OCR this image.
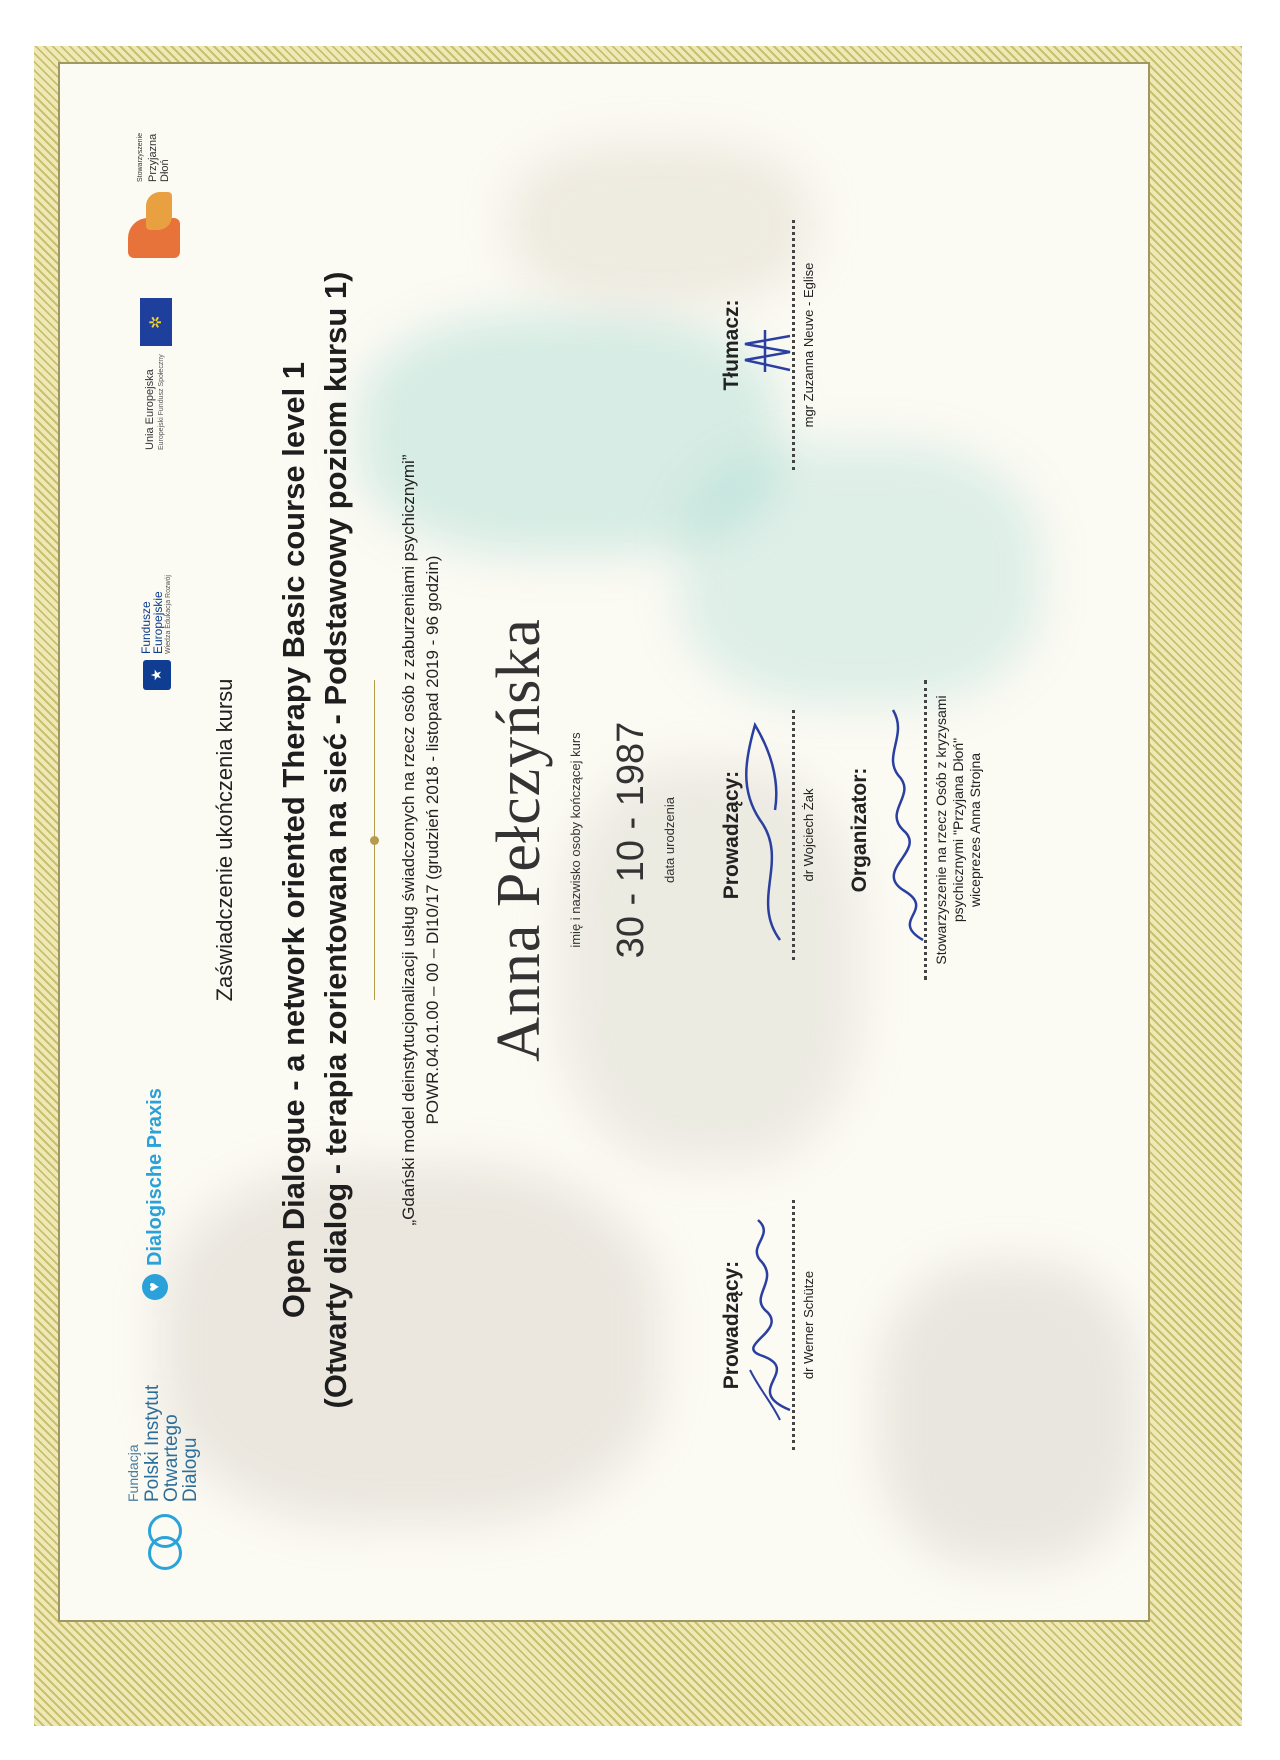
Fundacja Polski Instytut
Otwartego
Dialogu
♥
Dialogische Praxis
★
Fundusze
Europejskie Wiedza Edukacja Rozwój
Unia Europejska Europejski Fundusz Społeczny
✲
Stowarzyszenie Przyjazna Dłoń
Zaświadczenie ukończenia kursu Open Dialogue - a network oriented Therapy Basic course level 1 (Otwarty dialog - terapia zorientowana na sieć - Podstawowy poziom kursu 1)	„Gdański model deinstytucjonalizacji usług świadczonych na rzecz osób z zaburzeniami psychicznymi” POWR.04.01.00 – 00 – DI10/17 (grudzień 2018 - listopad 2019 - 96 godzin) Anna Pełczyńska imię i nazwisko osoby kończącej kurs 30 - 10 - 1987 data urodzenia
Prowadzący:	dr Werner Schütze
Prowadzący:	dr Wojciech Żak
Tłumacz:	mgr Zuzanna Neuve - Eglise
Organizator:	Stowarzyszenie na rzecz Osób z kryzysami psychicznymi "Przyjana Dłoń" wiceprezes Anna Strojna
